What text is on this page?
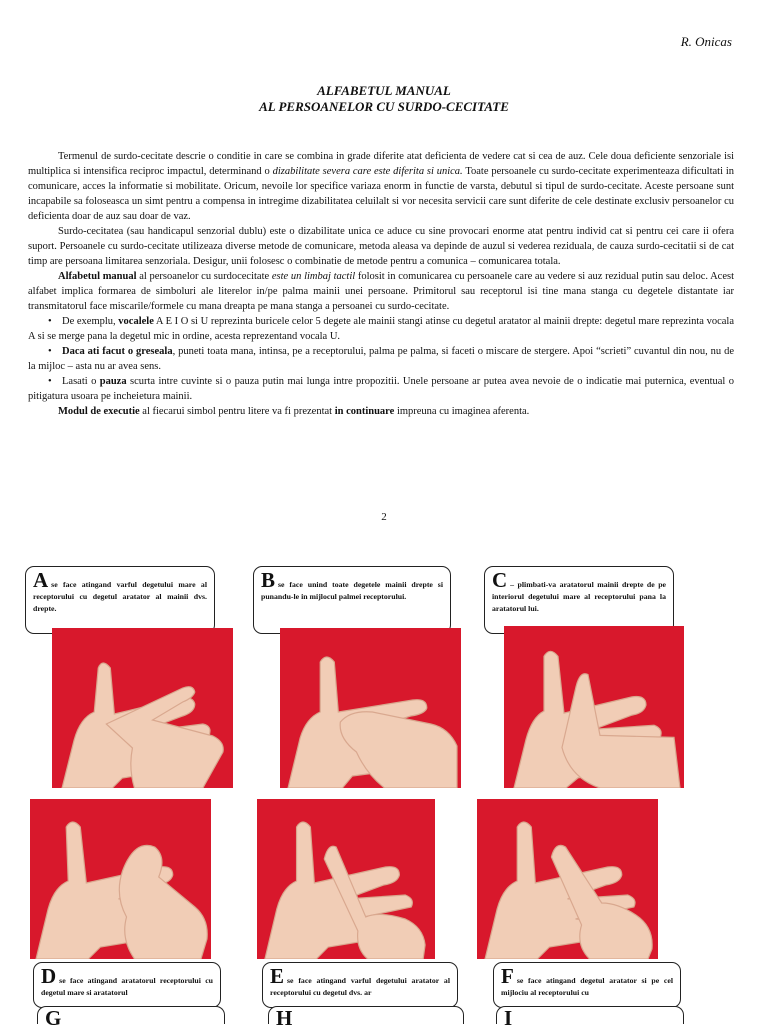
R. Onicas
ALFABETUL MANUAL
AL PERSOANELOR CU SURDO-CECITATE

Termenul de surdo-cecitate descrie o conditie in care se combina in grade diferite atat deficienta de vedere cat si cea de auz. Cele doua deficiente senzoriale isi multiplica si intensifica reciproc impactul, determinand o dizabilitate severa care este diferita si unica. Toate persoanele cu surdo-cecitate experimenteaza dificultati in comunicare, acces la informatie si mobilitate. Oricum, nevoile lor specifice variaza enorm in functie de varsta, debutul si tipul de surdo-cecitate. Aceste persoane sunt incapabile sa foloseasca un simt pentru a compensa in intregime dizabilitatea celuilalt si vor necesita servicii care sunt diferite de cele destinate exclusiv persoanelor cu deficienta doar de auz sau doar de vaz.

Surdo-cecitatea (sau handicapul senzorial dublu) este o dizabilitate unica ce aduce cu sine provocari enorme atat pentru individ cat si pentru cei care ii ofera suport. Persoanele cu surdo-cecitate utilizeaza diverse metode de comunicare, metoda aleasa va depinde de auzul si vederea reziduala, de cauza surdo-cecitatii si de cat timp are persoana limitarea senzoriala. Desigur, unii folosesc o combinatie de metode pentru a comunica – comunicarea totala.

Alfabetul manual al persoanelor cu surdocecitate este un limbaj tactil folosit in comunicarea cu persoanele care au vedere si auz rezidual putin sau deloc. Acest alfabet implica formarea de simboluri ale literelor in/pe palma mainii unei persoane. Primitorul sau receptorul isi tine mana stanga cu degetele distantate iar transmitatorul face miscarile/formele cu mana dreapta pe mana stanga a persoanei cu surdo-cecitate.

• De exemplu, vocalele A E I O si U reprezinta buricele celor 5 degete ale mainii stangi atinse cu degetul aratator al mainii drepte: degetul mare reprezinta vocala A si se merge pana la degetul mic in ordine, acesta reprezentand vocala U.

• Daca ati facut o greseala, puneti toata mana, intinsa, pe a receptorului, palma pe palma, si faceti o miscare de stergere. Apoi “scrieti” cuvantul din nou, nu de la mijloc – asta nu ar avea sens.

• Lasati o pauza scurta intre cuvinte si o pauza putin mai lunga intre propozitii. Unele persoane ar putea avea nevoie de o indicatie mai puternica, eventual o pitigatura usoara pe incheietura mainii.

Modul de executie al fiecarui simbol pentru litere va fi prezentat in continuare impreuna cu imaginea aferenta.

2
Ase face atingand varful degetului mare al receptorului cu degetul aratator al mainii dvs. drepte.
Bse face unind toate degetele mainii drepte si punandu-le in mijlocul palmei receptorului.
C – plimbati-va aratatorul mainii drepte de pe interiorul degetului mare al receptorului pana la aratatorul lui.
Dse face atingand aratatorul receptorului cu degetul mare si aratatorul
Ese face atingand varful degetului aratator al receptorului cu degetul dvs. ar
Fse face atingand degetul aratator si pe cel mijlociu al receptorului cu
G	H	I
